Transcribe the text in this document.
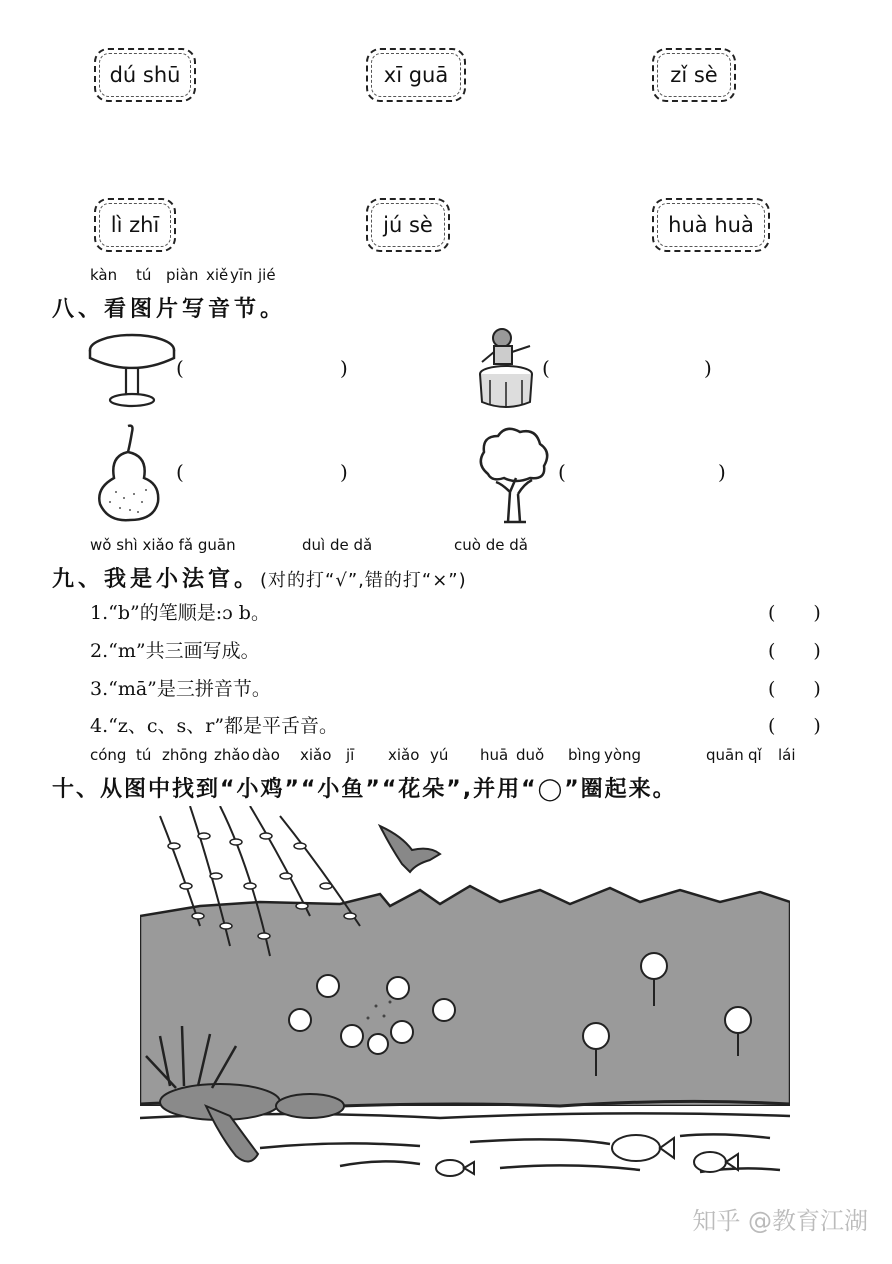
dú shū	xī guā	zǐ sè
lì zhī	jú sè	huà huà
kàn tú piàn xiě yīn jié
八、看图片写音节。
(	)	(	)
(	)	(	)
wǒ shì xiǎo fǎ guān	duì de dǎ	cuò de dǎ
九、我是小法官。(对的打“√”,错的打“×”)
1.“b”的笔顺是:ɔ b。	(　　)
2.“m”共三画写成。	(　　)
3.“mā”是三拼音节。	(　　)
4.“z、c、s、r”都是平舌音。	(　　)
cóng tú zhōng zhǎo dào xiǎo jī xiǎo yú huā duǒ bìng yòng	quān qǐ lái
十、从图中找到“小鸡”“小鱼”“花朵”,并用“◯”圈起来。
知乎 @教育江湖
